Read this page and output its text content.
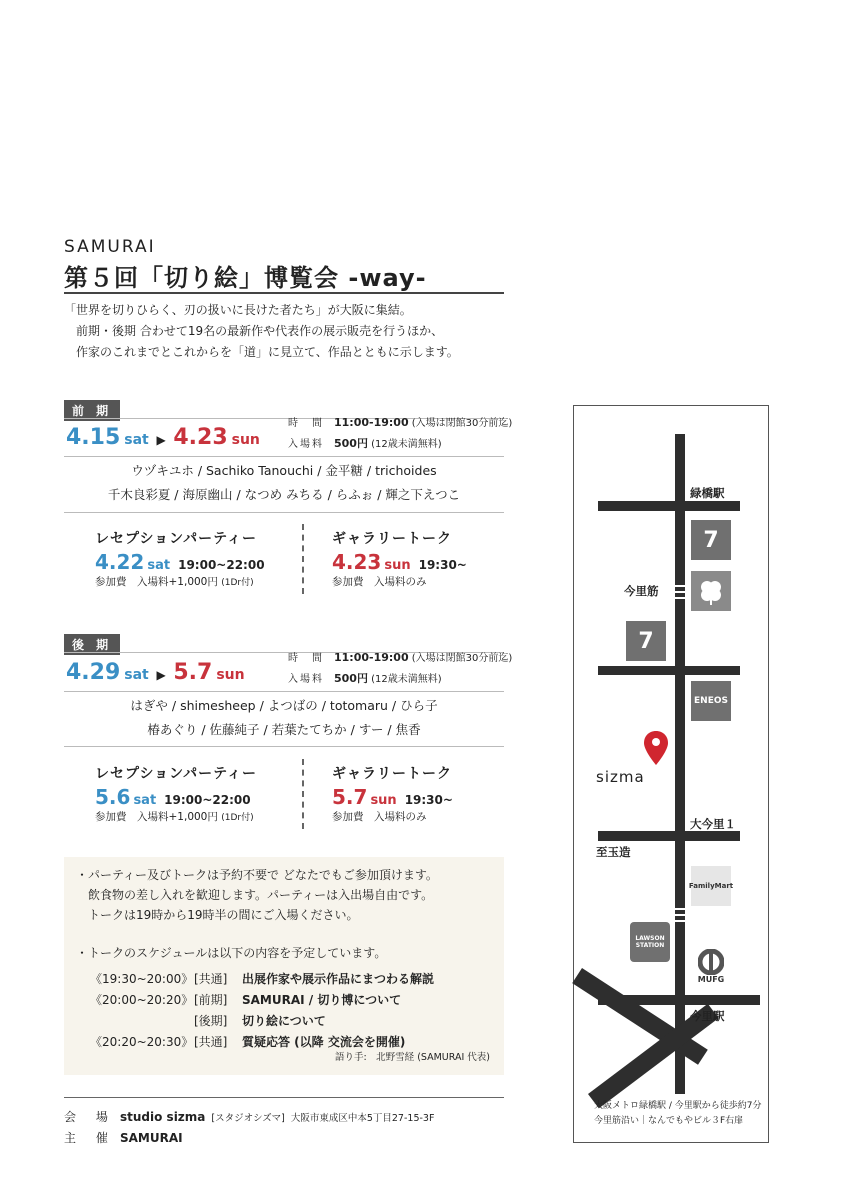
SAMURAI
第５回「切り絵」博覧会 -way-
「世界を切りひらく、刃の扱いに長けた者たち」が大阪に集結。
前期・後期 合わせて19名の最新作や代表作の展示販売を行うほか、
作家のこれまでとこれからを「道」に見立て、作品とともに示します。
前 期
4.15 sat ▶ 4.23 sun
時　間 11:00-19:00 (入場は閉館30分前迄)
入場料 500円 (12歳未満無料)
ウヅキユホ / Sachiko Tanouchi / 金平糖 / trichoides
千木良彩夏 / 海原幽山 / なつめ みちる / らふぉ / 輝之下えつこ
レセプションパーティー
4.22 sat 19:00~22:00
参加費　 入場料+1,000円 (1Dr付)
ギャラリートーク
4.23 sun 19:30~
参加費　 入場料のみ
後 期
4.29 sat ▶ 5.7 sun
時　間 11:00-19:00 (入場は閉館30分前迄)
入場料 500円 (12歳未満無料)
はぎや / shimesheep / よつばの / totomaru / ひら子
椿あぐり / 佐藤純子 / 若葉たてちか / すー / 焦香
レセプションパーティー
5.6 sat 19:00~22:00
参加費　 入場料+1,000円 (1Dr付)
ギャラリートーク
5.7 sun 19:30~
参加費　 入場料のみ
・パーティー及びトークは予約不要で どなたでもご参加頂けます。
　飲食物の差し入れを歓迎します。パーティーは入出場自由です。
　トークは19時から19時半の間にご入場ください。
・トークのスケジュールは以下の内容を予定しています。
《19:30~20:00》[共通] 出展作家や展示作品にまつわる解説
《20:00~20:20》[前期] SAMURAI / 切り博について
[後期] 切り絵について
《20:20~20:30》[共通] 質疑応答 (以降 交流会を開催)
語り手:　北野雪経 (SAMURAI 代表)
会 場 studio sizma [スタジオシズマ] 大阪市東成区中本5丁目27-15-3F
主 催 SAMURAI
緑橋駅
今里筋
sizma
大今里１
至玉造
今里駅
7
7
ENEOS
FamilyMart
LAWSON STATION
MUFG
大阪メトロ緑橋駅 / 今里駅から徒歩約7分
今里筋沿い｜なんでもやビル３F右扉
